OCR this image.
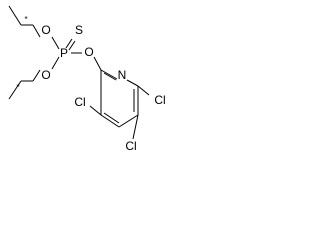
*
O S
P O
O	N
*
Cl	Cl
Cl
